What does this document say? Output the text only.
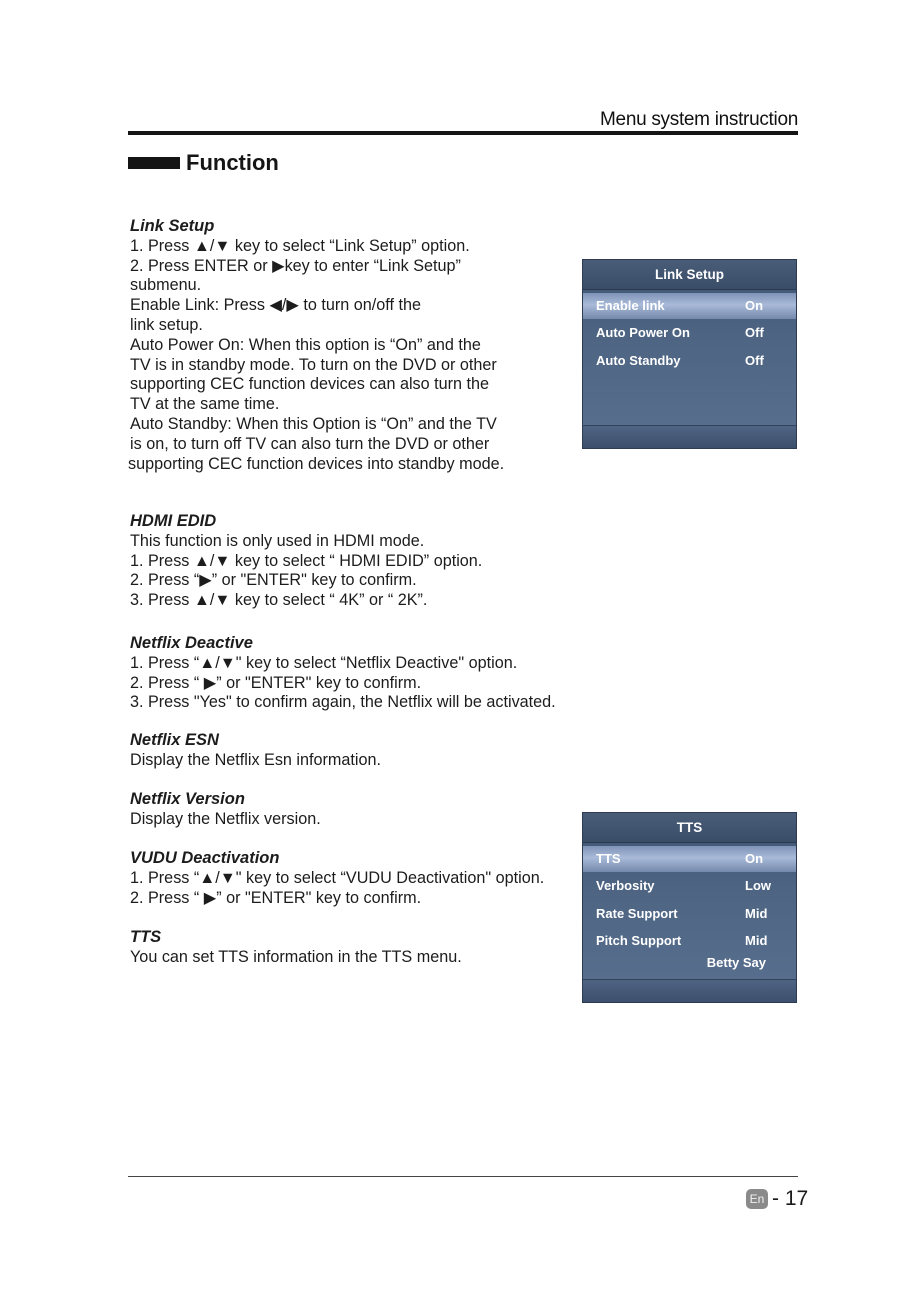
Menu system instruction
Function

Link Setup

1. Press ▲/▼ key to select “Link Setup” option.

2. Press ENTER or ▶key to enter “Link Setup”

submenu.

Enable Link: Press ◀/▶ to turn on/off the

link setup.

Auto Power On: When this option is “On” and the

TV is in standby mode. To turn on the DVD or other

supporting CEC function devices can also turn the

TV at the same time.

Auto Standby: When this Option is “On” and the TV

is on, to turn off TV can also turn the DVD or other

supporting CEC function devices into standby mode.

HDMI EDID

This function is only used in HDMI mode.

1. Press ▲/▼ key to select “ HDMI EDID” option.

2. Press “▶” or "ENTER" key to confirm.

3. Press ▲/▼ key to select “ 4K” or “ 2K”.

Netflix Deactive

1. Press “▲/▼" key to select “Netflix Deactive" option.

2. Press “ ▶” or "ENTER" key to confirm.

3. Press "Yes" to confirm again, the Netflix will be activated.

Netflix ESN

Display the Netflix Esn information.

Netflix Version

Display the Netflix version.

VUDU Deactivation

1. Press “▲/▼" key to select “VUDU Deactivation" option.

2. Press “ ▶” or "ENTER" key to confirm.

TTS

You can set TTS information in the TTS menu.

Link Setup
Enable link	On
Auto Power On	Off
Auto Standby	Off
TTS
TTS	On
Verbosity	Low
Rate Support	Mid
Pitch Support	Mid
Betty Say
En - 17
